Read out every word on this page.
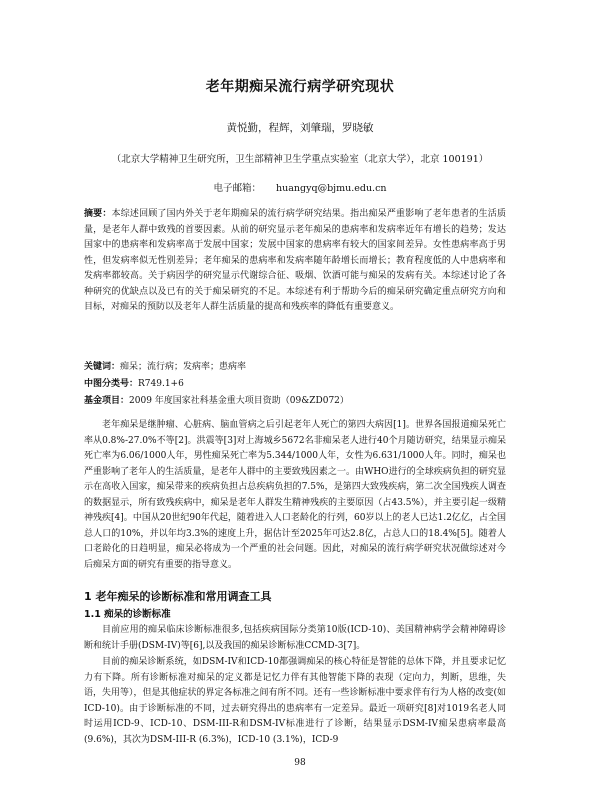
老年期痴呆流行病学研究现状
黄悦勤，程辉，刘肇瑞，罗晓敏
（北京大学精神卫生研究所，卫生部精神卫生学重点实验室（北京大学），北京 100191）
电子邮箱： huangyq@bjmu.edu.cn
摘要：本综述回顾了国内外关于老年期痴呆的流行病学研究结果。指出痴呆严重影响了老年患者的生活质量，是老年人群中致残的首要因素。从前的研究显示老年痴呆的患病率和发病率近年有增长的趋势；发达国家中的患病率和发病率高于发展中国家；发展中国家的患病率有较大的国家间差异。女性患病率高于男性，但发病率似无性别差异；老年痴呆的患病率和发病率随年龄增长而增长；教育程度低的人中患病率和发病率都较高。关于病因学的研究显示代谢综合征、吸烟、饮酒可能与痴呆的发病有关。本综述讨论了各种研究的优缺点以及已有的关于痴呆研究的不足。本综述有利于帮助今后的痴呆研究确定重点研究方向和目标，对痴呆的预防以及老年人群生活质量的提高和残疾率的降低有重要意义。
关键词：痴呆；流行病；发病率；患病率
中图分类号：R749.1+6
基金项目：2009 年度国家社科基金重大项目资助（09&ZD072）
老年痴呆是继肿瘤、心脏病、脑血管病之后引起老年人死亡的第四大病因[1]。世界各国报道痴呆死亡率从0.8%-27.0%不等[2]。洪震等[3]对上海城乡5672名非痴呆老人进行40个月随访研究，结果显示痴呆死亡率为6.06/1000人年，男性痴呆死亡率为5.344/1000人年，女性为6.631/1000人年。同时，痴呆也严重影响了老年人的生活质量，是老年人群中的主要致残因素之一。由WHO进行的全球疾病负担的研究显示在高收入国家，痴呆带来的疾病负担占总疾病负担的7.5%，是第四大致残疾病，第二次全国残疾人调查的数据显示，所有致残疾病中，痴呆是老年人群发生精神残疾的主要原因（占43.5%），并主要引起一级精神残疾[4]。中国从20世纪90年代起，随着进入人口老龄化的行列，60岁以上的老人已达1.2亿亿，占全国总人口的10%，并以年均3.3%的速度上升，据估计至2025年可达2.8亿，占总人口的18.4%[5]。随着人口老龄化的日趋明显，痴呆必将成为一个严重的社会问题。因此，对痴呆的流行病学研究状况做综述对今后痴呆方面的研究有重要的指导意义。
1 老年痴呆的诊断标准和常用调查工具
1.1 痴呆的诊断标准
目前应用的痴呆临床诊断标准很多,包括疾病国际分类第10版(ICD-10)、美国精神病学会精神障碍诊断和统计手册(DSM-IV)等[6],以及我国的痴呆诊断标准CCMD-3[7]。
目前的痴呆诊断系统，如DSM-IV和ICD-10都强调痴呆的核心特征是智能的总体下降，并且要求记忆力有下降。所有诊断标准对痴呆的定义都是记忆力伴有其他智能下降的表现（定向力，判断，思维，失语，失用等），但是其他症状的界定各标准之间有所不同。还有一些诊断标准中要求伴有行为人格的改变(如 ICD-10)。由于诊断标准的不同，过去研究得出的患病率有一定差异。最近一项研究[8]对1019名老人同时运用ICD-9、ICD-10、DSM-III-R和DSM-IV标准进行了诊断，结果显示DSM-IV痴呆患病率最高(9.6%)，其次为DSM-III-R (6.3%)，ICD-10 (3.1%)，ICD-9
98
